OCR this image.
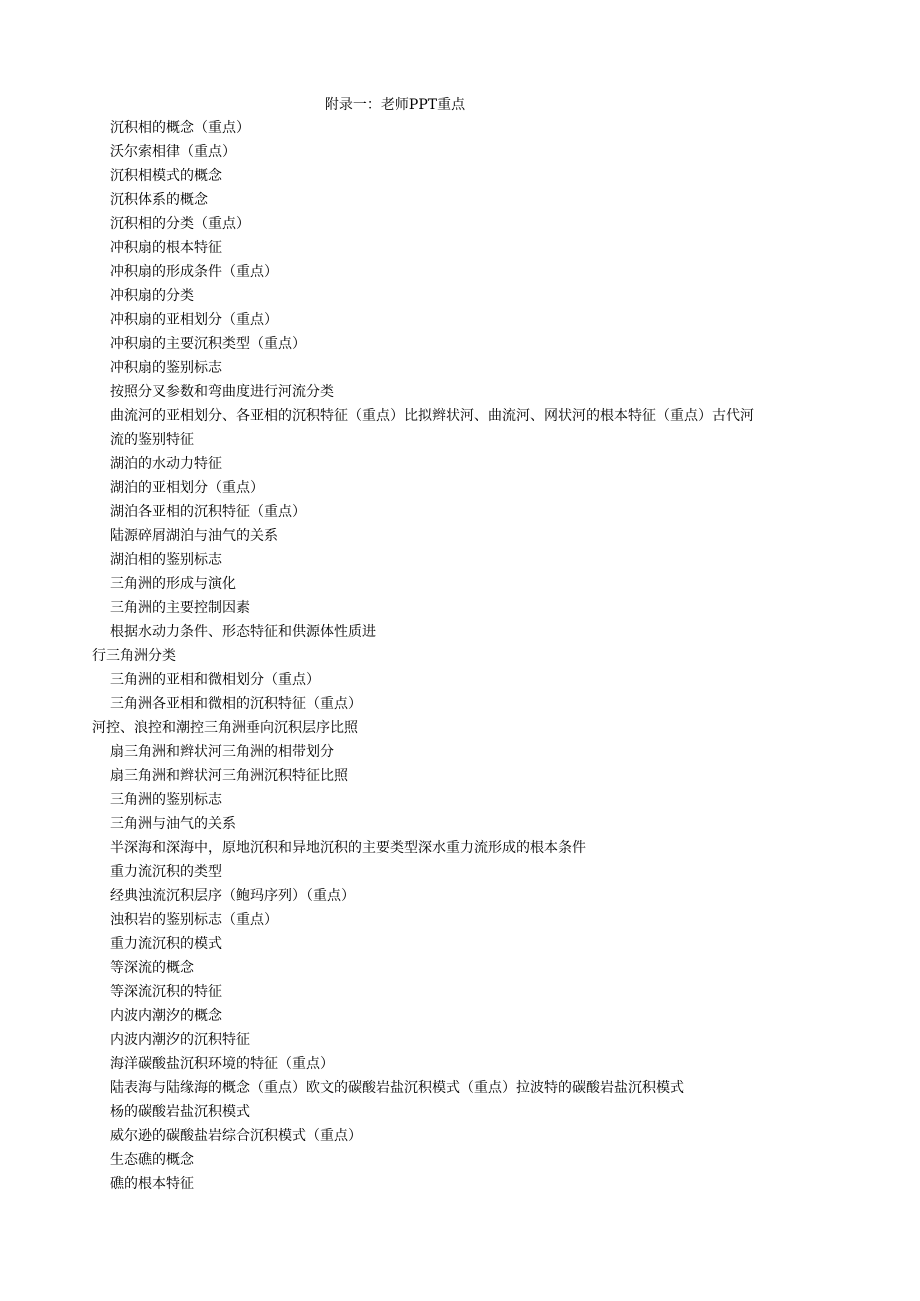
附录一：老师PPT重点
沉积相的概念（重点）
沃尔索相律（重点）
沉积相模式的概念
沉积体系的概念
沉积相的分类（重点）
冲积扇的根本特征
冲积扇的形成条件（重点）
冲积扇的分类
冲积扇的亚相划分（重点）
冲积扇的主要沉积类型（重点）
冲积扇的鉴别标志
按照分叉参数和弯曲度进行河流分类
曲流河的亚相划分、各亚相的沉积特征（重点）比拟辫状河、曲流河、网状河的根本特征（重点）古代河
流的鉴别特征
湖泊的水动力特征
湖泊的亚相划分（重点）
湖泊各亚相的沉积特征（重点）
陆源碎屑湖泊与油气的关系
湖泊相的鉴别标志
三角洲的形成与演化
三角洲的主要控制因素
根据水动力条件、形态特征和供源体性质进
行三角洲分类
三角洲的亚相和微相划分（重点）
三角洲各亚相和微相的沉积特征（重点）
河控、浪控和潮控三角洲垂向沉积层序比照
扇三角洲和辫状河三角洲的相带划分
扇三角洲和辫状河三角洲沉积特征比照
三角洲的鉴别标志
三角洲与油气的关系
半深海和深海中，原地沉积和异地沉积的主要类型深水重力流形成的根本条件
重力流沉积的类型
经典浊流沉积层序（鲍玛序列）（重点）
浊积岩的鉴别标志（重点）
重力流沉积的模式
等深流的概念
等深流沉积的特征
内波内潮汐的概念
内波内潮汐的沉积特征
海洋碳酸盐沉积环境的特征（重点）
陆表海与陆缘海的概念（重点）欧文的碳酸岩盐沉积模式（重点）拉波特的碳酸岩盐沉积模式
杨的碳酸岩盐沉积模式
威尔逊的碳酸盐岩综合沉积模式（重点）
生态礁的概念
礁的根本特征
